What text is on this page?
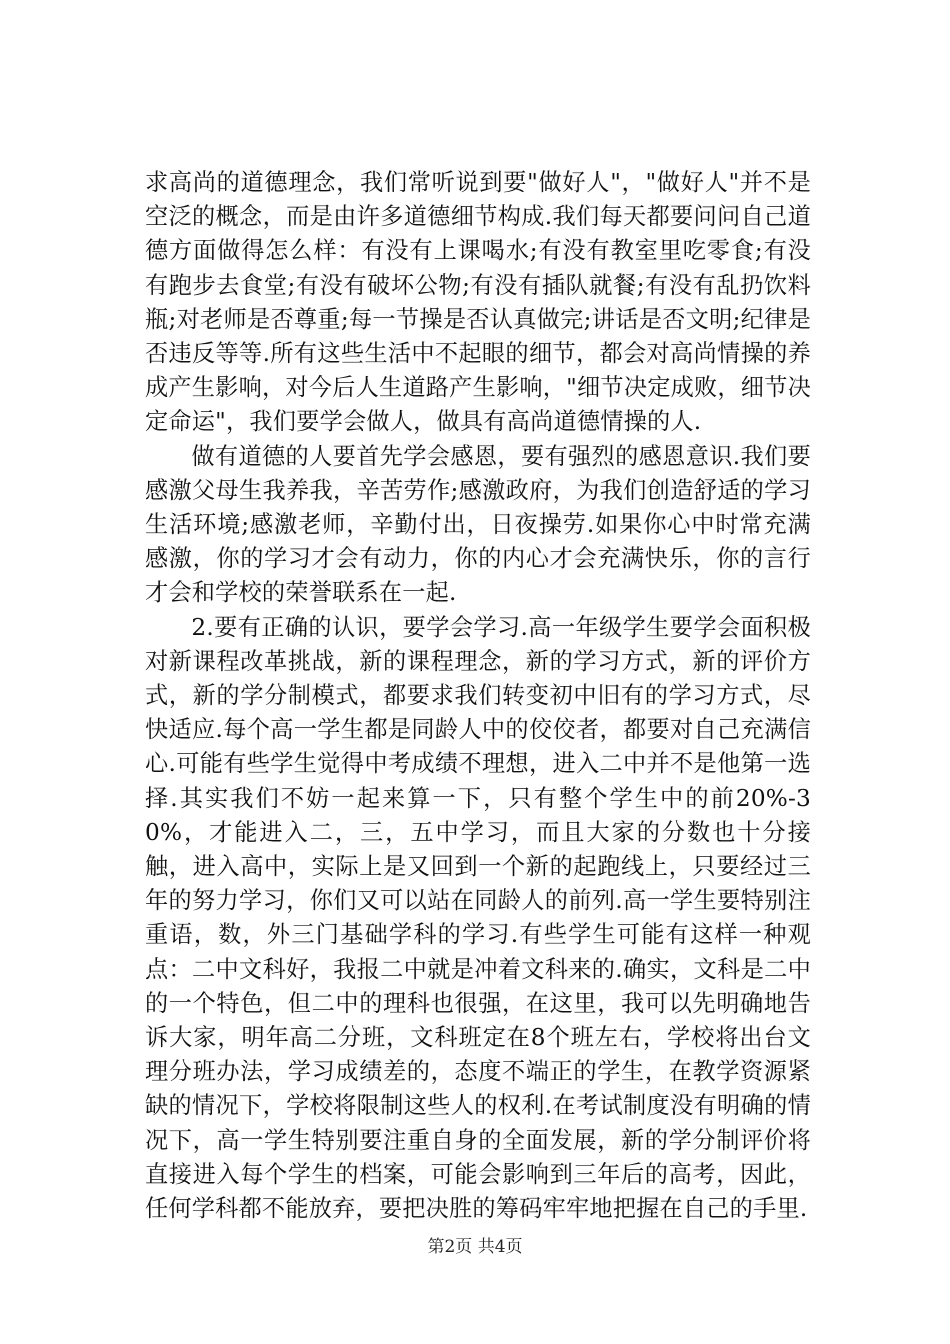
求高尚的道德理念，我们常听说到要"做好人"，"做好人"并不是空泛的概念，而是由许多道德细节构成.我们每天都要问问自己道德方面做得怎么样：有没有上课喝水;有没有教室里吃零食;有没有跑步去食堂;有没有破坏公物;有没有插队就餐;有没有乱扔饮料瓶;对老师是否尊重;每一节操是否认真做完;讲话是否文明;纪律是否违反等等.所有这些生活中不起眼的细节，都会对高尚情操的养成产生影响，对今后人生道路产生影响，"细节决定成败，细节决定命运"，我们要学会做人，做具有高尚道德情操的人.

做有道德的人要首先学会感恩，要有强烈的感恩意识.我们要感激父母生我养我，辛苦劳作;感激政府，为我们创造舒适的学习生活环境;感激老师，辛勤付出，日夜操劳.如果你心中时常充满感激，你的学习才会有动力，你的内心才会充满快乐，你的言行才会和学校的荣誉联系在一起.

2.要有正确的认识，要学会学习.高一年级学生要学会面积极对新课程改革挑战，新的课程理念，新的学习方式，新的评价方式，新的学分制模式，都要求我们转变初中旧有的学习方式，尽快适应.每个高一学生都是同龄人中的佼佼者，都要对自己充满信心.可能有些学生觉得中考成绩不理想，进入二中并不是他第一选择.其实我们不妨一起来算一下，只有整个学生中的前20%-30%，才能进入二，三，五中学习，而且大家的分数也十分接触，进入高中，实际上是又回到一个新的起跑线上，只要经过三年的努力学习，你们又可以站在同龄人的前列.高一学生要特别注重语，数，外三门基础学科的学习.有些学生可能有这样一种观点：二中文科好，我报二中就是冲着文科来的.确实，文科是二中的一个特色，但二中的理科也很强，在这里，我可以先明确地告诉大家，明年高二分班，文科班定在8个班左右，学校将出台文理分班办法，学习成绩差的，态度不端正的学生，在教学资源紧缺的情况下，学校将限制这些人的权利.在考试制度没有明确的情况下，高一学生特别要注重自身的全面发展，新的学分制评价将直接进入每个学生的档案，可能会影响到三年后的高考，因此，任何学科都不能放弃，要把决胜的筹码牢牢地把握在自己的手里.

第2页 共4页
